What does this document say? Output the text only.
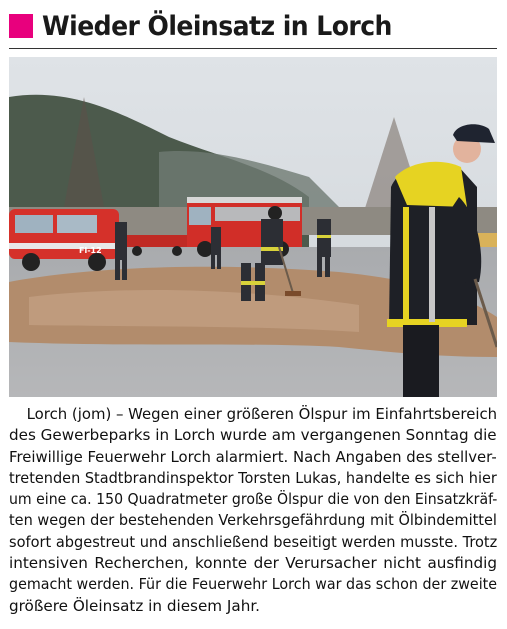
Wieder Öleinsatz in Lorch
Fl-12
Lorch (jom) – Wegen einer größeren Ölspur im Einfahrtsbereich
des Gewerbeparks in Lorch wurde am vergangenen Sonntag die
Freiwillige Feuerwehr Lorch alarmiert. Nach Angaben des stellver-
tretenden Stadtbrandinspektor Torsten Lukas, handelte es sich hier
um eine ca. 150 Quadratmeter große Ölspur die von den Einsatzkräf-
ten wegen der bestehenden Verkehrsgefährdung mit Ölbindemittel
sofort abgestreut und anschließend beseitigt werden musste. Trotz
intensiven Recherchen, konnte der Verursacher nicht ausfindig
gemacht werden. Für die Feuerwehr Lorch war das schon der zweite
größere Öleinsatz in diesem Jahr.
